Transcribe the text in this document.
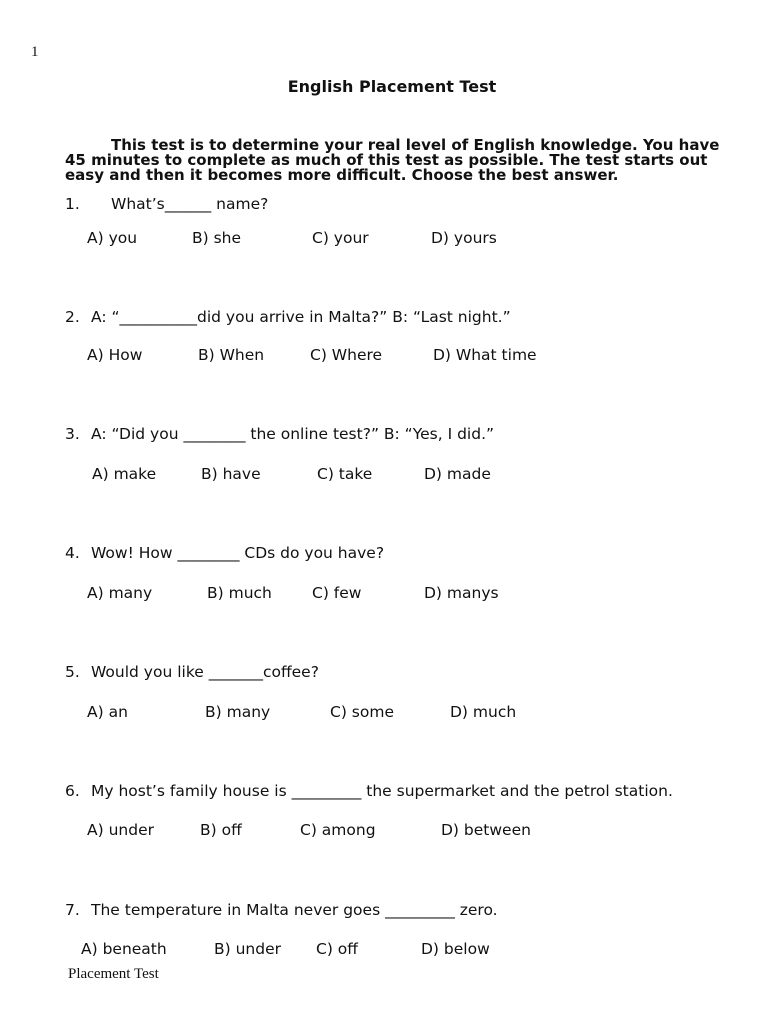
1
English Placement Test
This test is to determine your real level of English knowledge. You have
45 minutes to complete as much of this test as possible. The test starts out
easy and then it becomes more difficult. Choose the best answer.
1. What’s______ name?
A) you	B) she	C) your	D) yours
2. A: “__________did you arrive in Malta?” B: “Last night.”
A) How	B) When	C) Where	D) What time
3. A: “Did you ________ the online test?” B: “Yes, I did.”
A) make	B) have	C) take	D) made
4. Wow! How ________ CDs do you have?
A) many	B) much	C) few	D) manys
5. Would you like _______coffee?
A) an	B) many	C) some	D) much
6. My host’s family house is _________ the supermarket and the petrol station.
A) under	B) off	C) among	D) between
7. The temperature in Malta never goes _________ zero.
A) beneath	B) under C) off	D) below
Placement Test
